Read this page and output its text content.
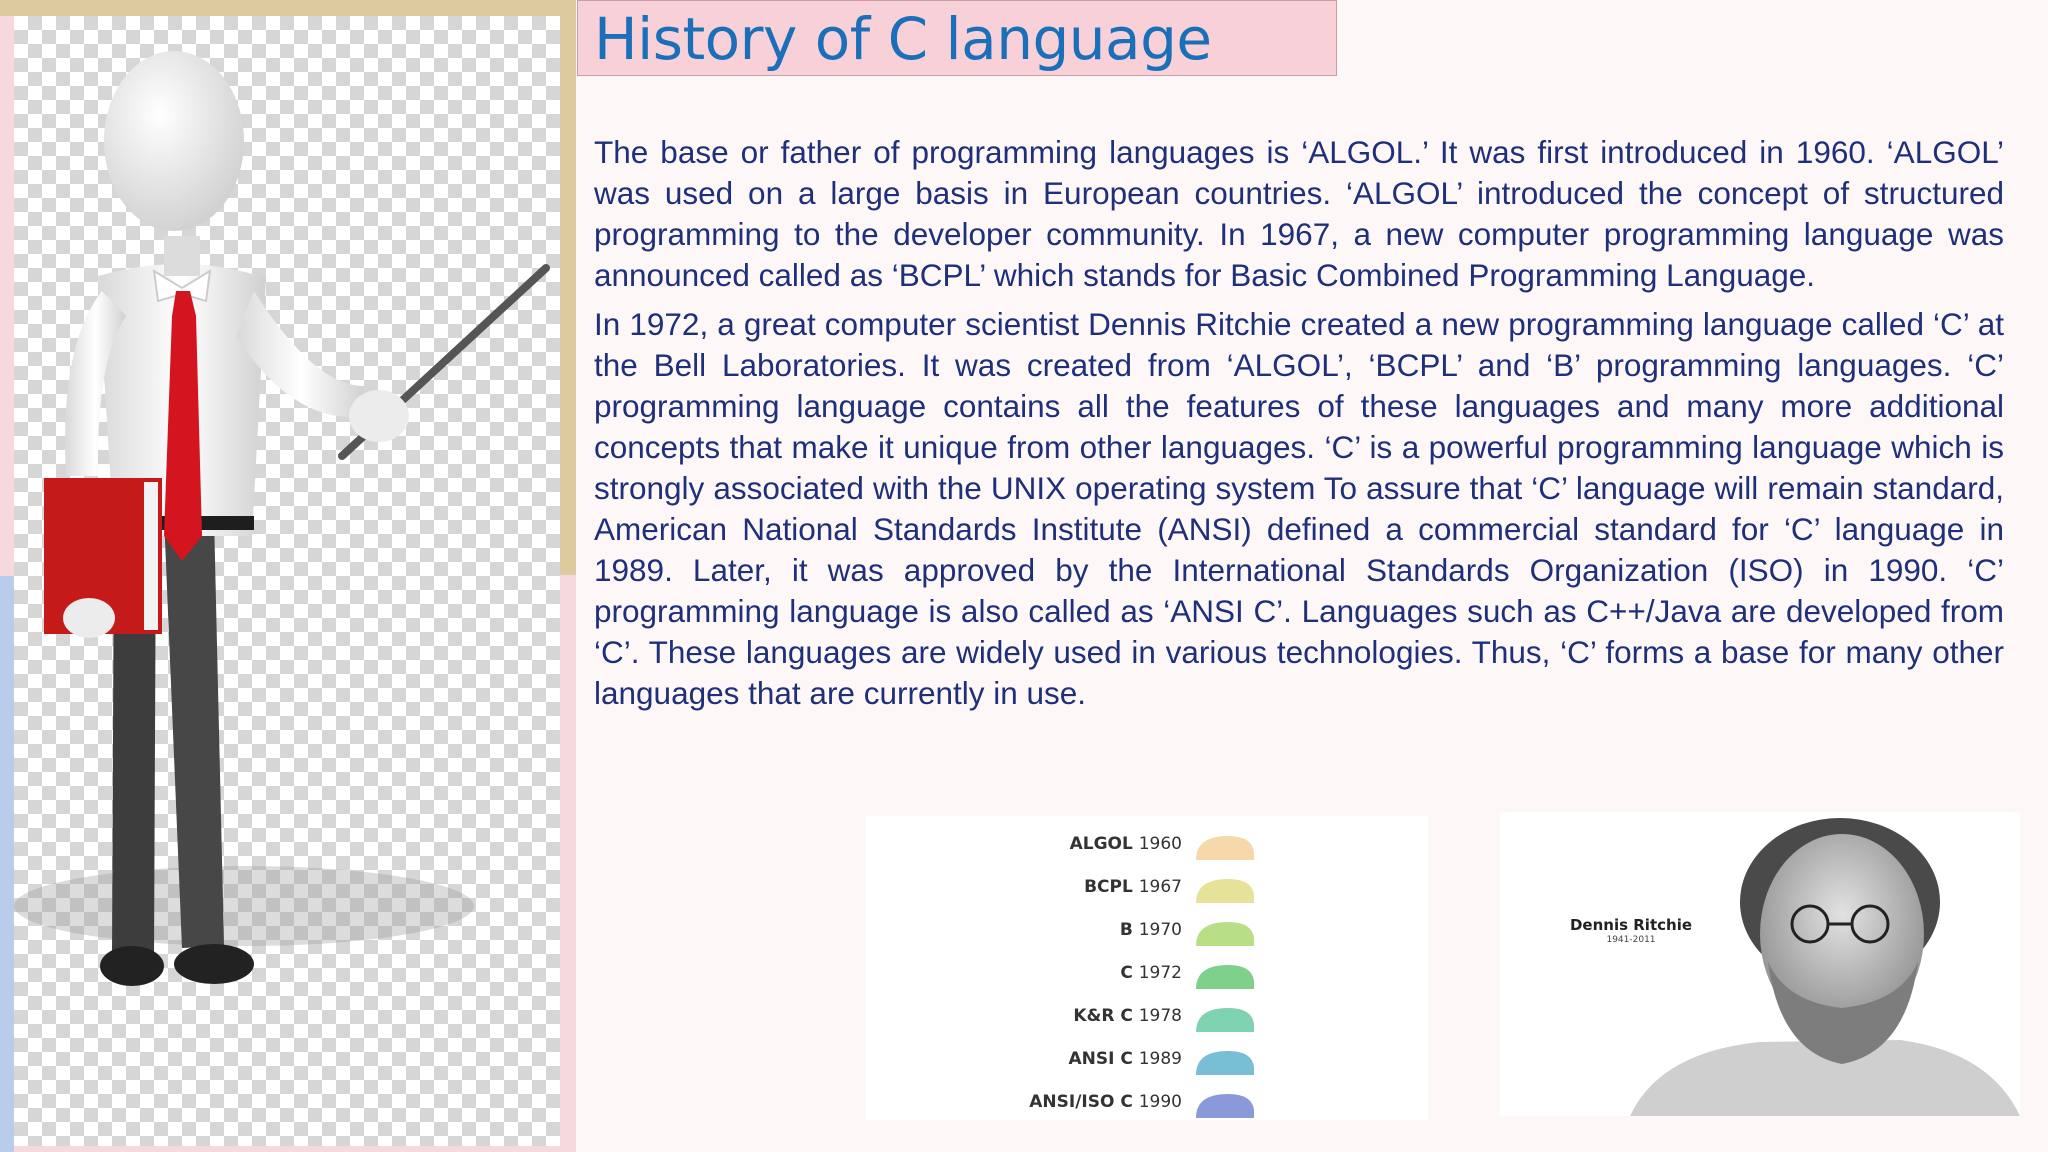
History of C language

The base or father of programming languages is ‘ALGOL.’ It was first introduced in 1960. ‘ALGOL’ was used on a large basis in European countries. ‘ALGOL’ introduced the concept of structured programming to the developer community. In 1967, a new computer programming language was announced called as ‘BCPL’ which stands for Basic Combined Programming Language.

In 1972, a great computer scientist Dennis Ritchie created a new programming language called ‘C’ at the Bell Laboratories. It was created from ‘ALGOL’, ‘BCPL’ and ‘B’ programming languages. ‘C’ programming language contains all the features of these languages and many more additional concepts that make it unique from other languages. ‘C’ is a powerful programming language which is strongly associated with the UNIX operating system To assure that ‘C’ language will remain standard, American National Standards Institute (ANSI) defined a commercial standard for ‘C’ language in 1989. Later, it was approved by the International Standards Organization (ISO) in 1990. ‘C’ programming language is also called as ‘ANSI C’. Languages such as C++/Java are developed from ‘C’. These languages are widely used in various technologies. Thus, ‘C’ forms a base for many other languages that are currently in use.

ALGOL 1960
BCPL 1967
B 1970
C 1972
K&R C 1978
ANSI C 1989
ANSI/ISO C 1990
Dennis Ritchie
1941-2011
